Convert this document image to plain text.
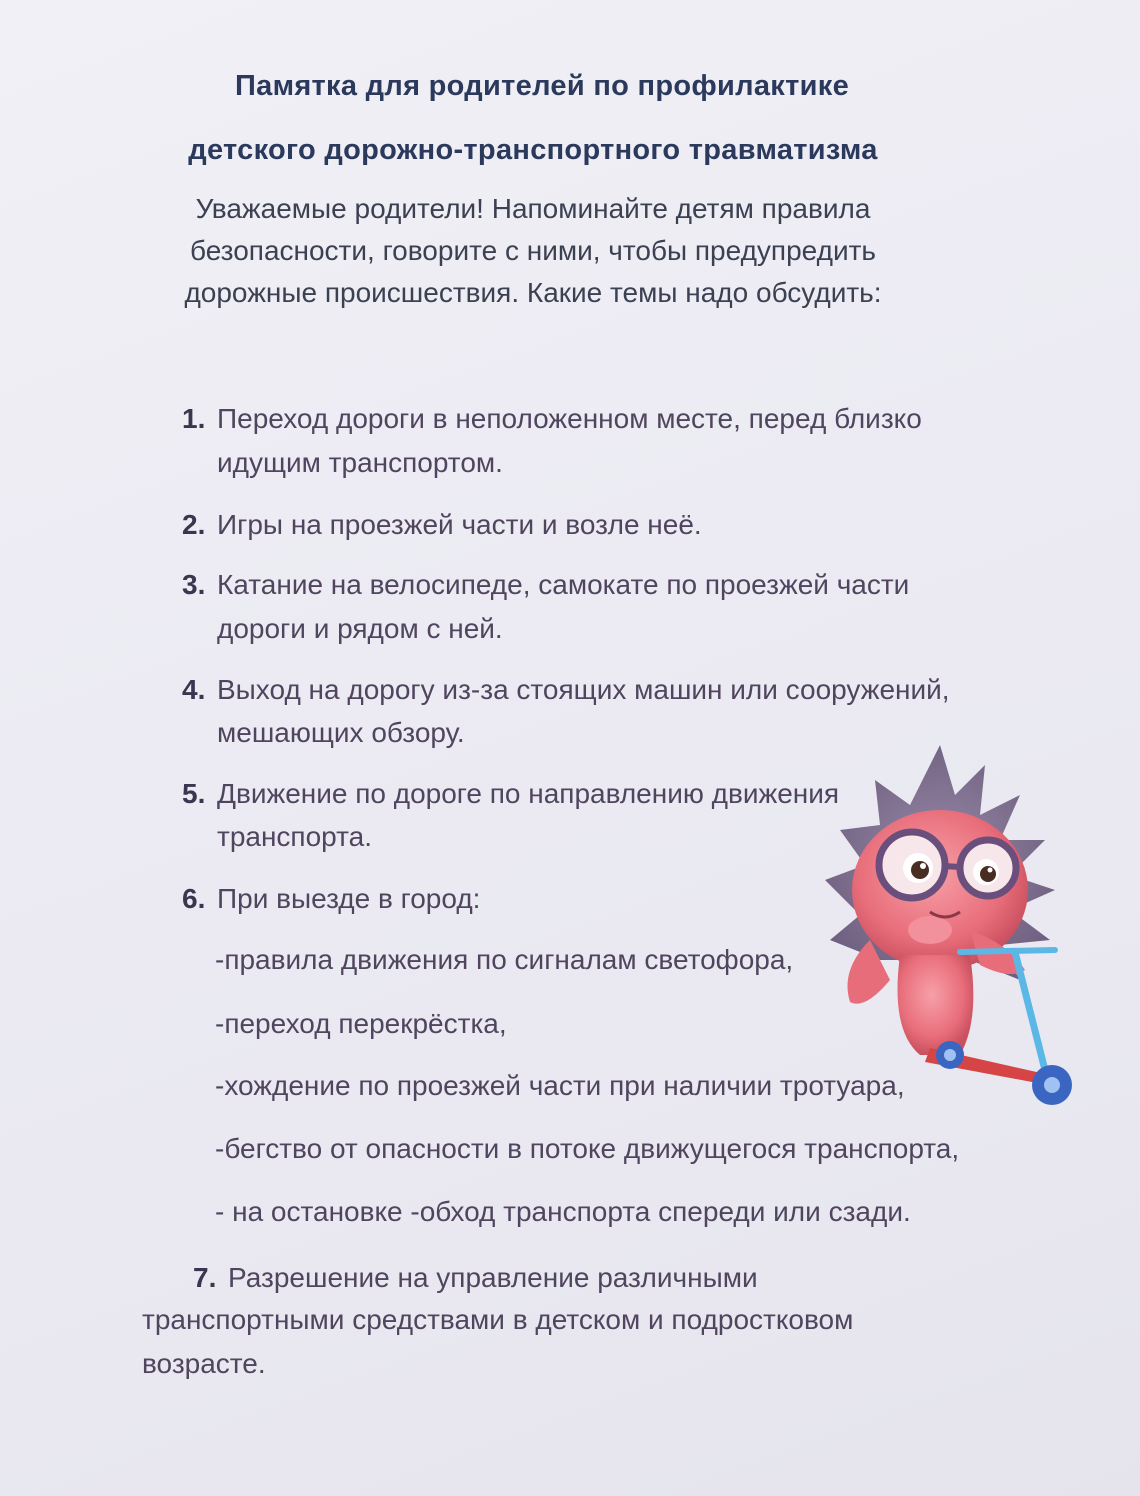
Памятка для родителей по профилактике
детского дорожно-транспортного травматизма
Уважаемые родители! Напоминайте детям правила
безопасности, говорите с ними, чтобы предупредить
дорожные происшествия. Какие темы надо обсудить:
1. Переход дороги в неположенном месте, перед близко
идущим транспортом.
2. Игры на проезжей части и возле неё.
3. Катание на велосипеде, самокате по проезжей части
дороги и рядом с ней.
4. Выход на дорогу из-за стоящих машин или сооружений,
мешающих обзору.
5. Движение по дороге по направлению движения
транспорта.
6. При выезде в город:
-правила движения по сигналам светофора,
-переход перекрёстка,
-хождение по проезжей части при наличии тротуара,
-бегство от опасности в потоке движущегося транспорта,
- на остановке -обход транспорта спереди или сзади.
7. Разрешение на управление различными
транспортными средствами в детском и подростковом
возрасте.
